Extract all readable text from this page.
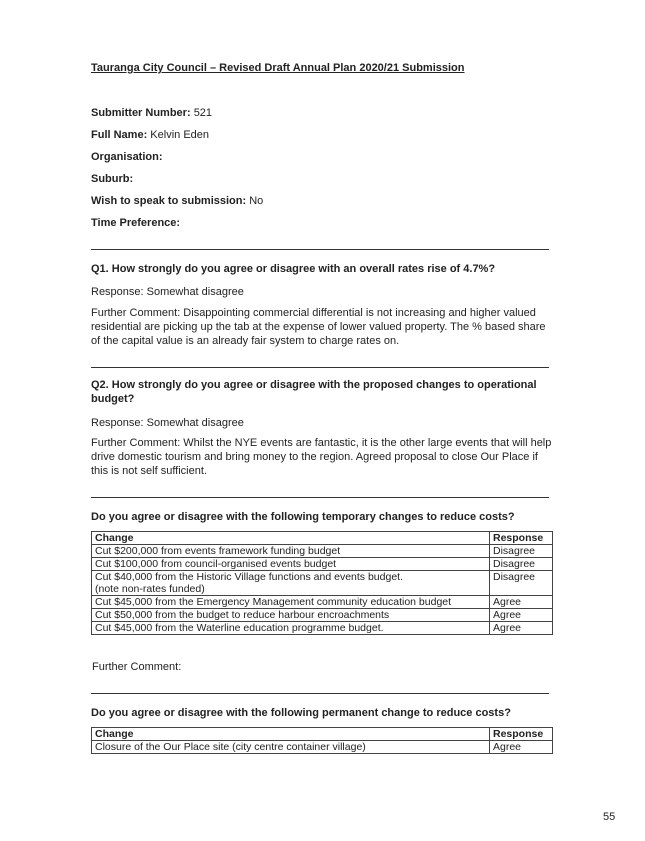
Tauranga City Council – Revised Draft Annual Plan 2020/21 Submission
Submitter Number: 521
Full Name: Kelvin Eden
Organisation:
Suburb:
Wish to speak to submission: No
Time Preference:
Q1. How strongly do you agree or disagree with an overall rates rise of 4.7%?
Response: Somewhat disagree
Further Comment: Disappointing commercial differential is not increasing and higher valued residential are picking up the tab at the expense of lower valued property. The % based share of the capital value is an already fair system to charge rates on.
Q2. How strongly do you agree or disagree with the proposed changes to operational budget?
Response: Somewhat disagree
Further Comment: Whilst the NYE events are fantastic, it is the other large events that will help drive domestic tourism and bring money to the region. Agreed proposal to close Our Place if this is not self sufficient.
Do you agree or disagree with the following temporary changes to reduce costs?
Change	Response
Cut $200,000 from events framework funding budget	Disagree
Cut $100,000 from council-organised events budget	Disagree

Cut $40,000 from the Historic Village functions and events budget.
(note non-rates funded)	Disagree
Cut $45,000 from the Emergency Management community education budget	Agree
Cut $50,000 from the budget to reduce harbour encroachments	Agree
Cut $45,000 from the Waterline education programme budget.	Agree
Further Comment:
Do you agree or disagree with the following permanent change to reduce costs?
Change	Response
Closure of the Our Place site (city centre container village)	Agree
55
